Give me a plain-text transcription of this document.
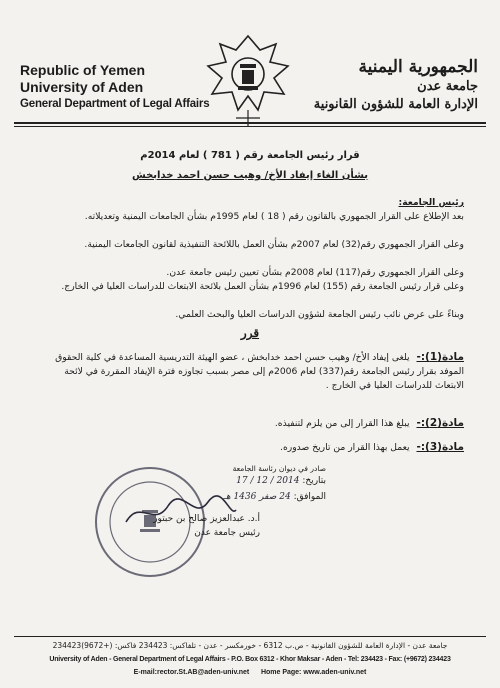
Republic of Yemen
University of Aden
General Department of Legal Affairs
الجمهورية اليمنية
جامعة عدن
الإدارة العامة للشؤون القانونية
قرار رئيس الجامعة رقم ( 781 ) لعام 2014م
بشأن الغاء إيفاد الأخ/ وهيب حسن احمد خدابخش
رئيس الجامعة:
بعد الإطلاع على القرار الجمهوري بالقانون رقم ( 18 ) لعام 1995م بشأن الجامعات اليمنية وتعديلاته.
وعلى القرار الجمهوري رقم(32) لعام 2007م بشأن العمل باللائحة التنفيذية لقانون الجامعات اليمنية.
وعلى القرار الجمهوري رقم(117) لعام 2008م بشأن تعيين رئيس جامعة عدن.
وعلى قرار رئيس الجامعة رقم (155) لعام 1996م بشأن العمل بلائحة الابتعاث للدراسات العليا في الخارج.
وبناءً على عرض نائب رئيس الجامعة لشؤون الدراسات العليا والبحث العلمي.
قرر
مادة(1):- يلغى إيفاد الأخ/ وهيب حسن احمد خدابخش ، عضو الهيئة التدريسية المساعدة في كلية الحقوق الموفد بقرار رئيس الجامعة رقم(337) لعام 2006م إلى مصر بسبب تجاوزه فترة الإيفاد المقررة في لائحة الابتعاث للدراسات العليا في الخارج .
مادة(2):- يبلغ هذا القرار إلى من يلزم لتنفيذه.
مادة(3):- يعمل بهذا القرار من تاريخ صدوره.
صادر في ديوان رئاسة الجامعة
بتاريخ: 2014 / 12 / 17
الموافق: 24 صفر 1436 هـ
أ.د. عبدالعزيز صالح بن حبتور
رئيس جامعة عدن
جامعة عدن - الإدارة العامة للشؤون القانونية - ص.ب 6312 - خورمكسر - عدن - تلفاكس: 234423 فاكس: (+9672)234423
University of Aden - General Department of Legal Affairs - P.O. Box 6312 - Khor Maksar - Aden - Tel: 234423 - Fax: (+9672) 234423
E-mail:rector.St.AB@aden-univ.net Home Page: www.aden-univ.net
